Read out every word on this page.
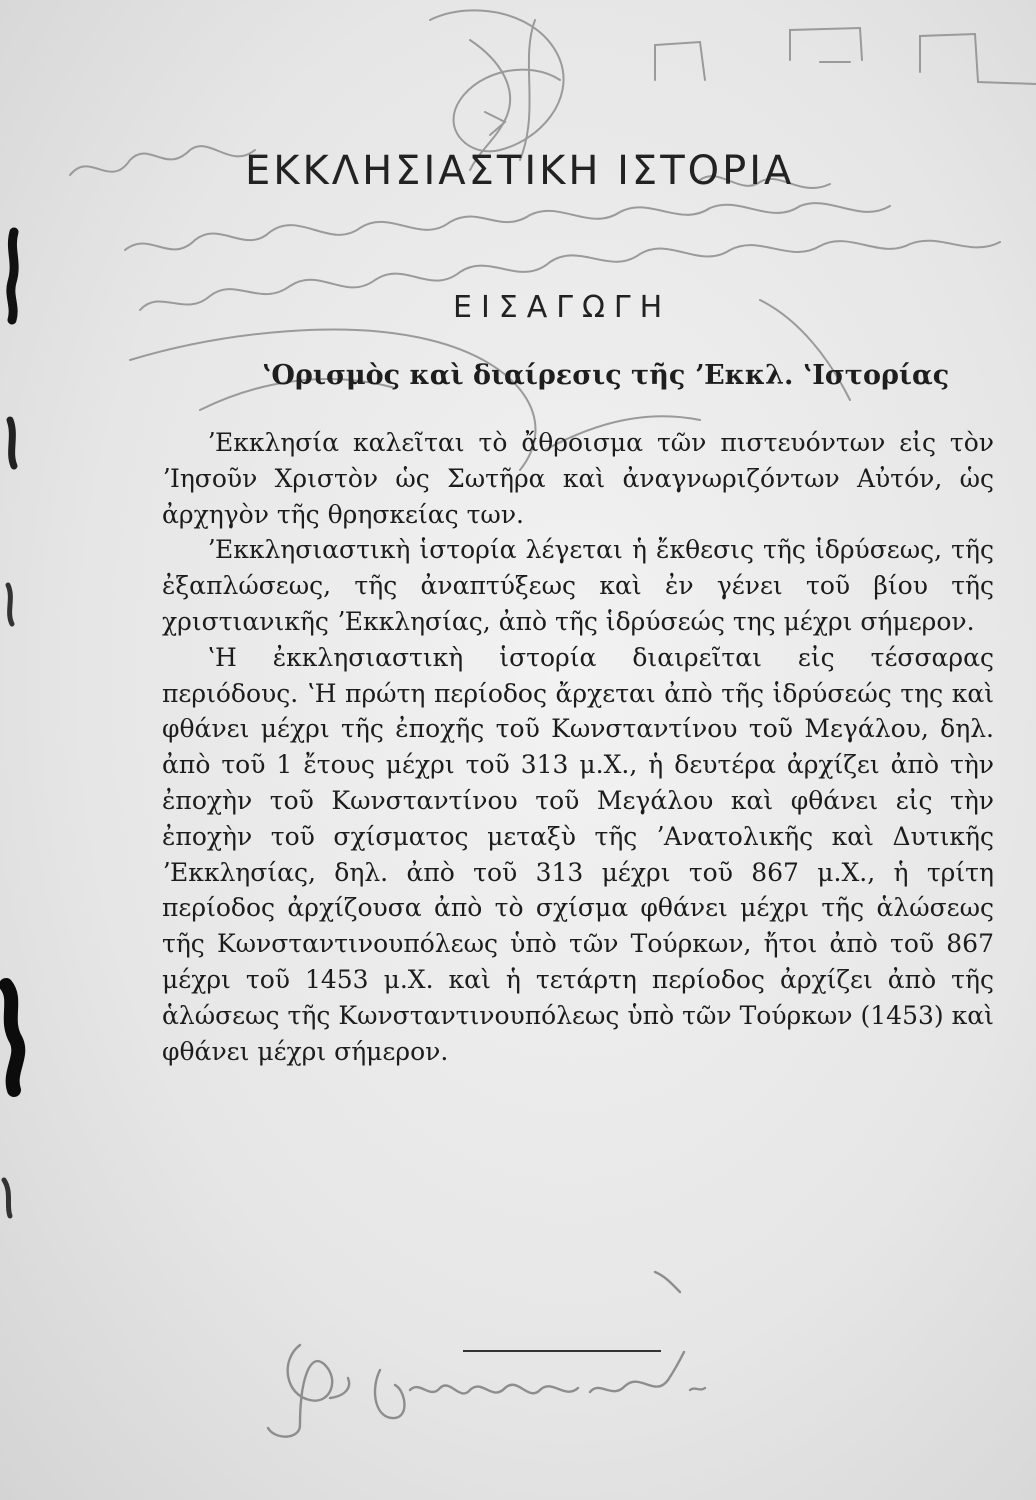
ΕΚΚΛΗΣΙΑΣΤΙΚΗ ΙΣΤΟΡΙΑ
ΕΙΣΑΓΩΓΗ
ʽΟρισμὸς καὶ διαίρεσις τῆς ʼΕκκλ. ʽΙστορίας

ʼΕκκλησία καλεῖται τὸ ἄθροισμα τῶν πιστευόντων εἰς τὸν ʼΙησοῦν Χριστὸν ὡς Σωτῆρα καὶ ἀναγνωριζόντων Αὐτόν, ὡς ἀρχηγὸν τῆς θρησκείας των.

ʼΕκκλησιαστικὴ ἱστορία λέγεται ἡ ἔκθεσις τῆς ἱδρύσεως, τῆς ἐξαπλώσεως, τῆς ἀναπτύξεως καὶ ἐν γένει τοῦ βίου τῆς χριστιανικῆς ʼΕκκλησίας, ἀπὸ τῆς ἱδρύσεώς της μέχρι σήμερον.

ʽΗ ἐκκλησιαστικὴ ἱστορία διαιρεῖται εἰς τέσσαρας περιόδους. ʽΗ πρώτη περίοδος ἄρχεται ἀπὸ τῆς ἱδρύσεώς της καὶ φθάνει μέχρι τῆς ἐποχῆς τοῦ Κωνσταντίνου τοῦ Μεγάλου, δηλ. ἀπὸ τοῦ 1 ἔτους μέχρι τοῦ 313 μ.Χ., ἡ δευτέρα ἀρχίζει ἀπὸ τὴν ἐποχὴν τοῦ Κωνσταντίνου τοῦ Μεγάλου καὶ φθάνει εἰς τὴν ἐποχὴν τοῦ σχίσματος μεταξὺ τῆς ʼΑνατολικῆς καὶ Δυτικῆς ʼΕκκλησίας, δηλ. ἀπὸ τοῦ 313 μέχρι τοῦ 867 μ.Χ., ἡ τρίτη περίοδος ἀρχίζουσα ἀπὸ τὸ σχίσμα φθάνει μέχρι τῆς ἁλώσεως τῆς Κωνσταντινουπόλεως ὑπὸ τῶν Τούρκων, ἤτοι ἀπὸ τοῦ 867 μέχρι τοῦ 1453 μ.Χ. καὶ ἡ τετάρτη περίοδος ἀρχίζει ἀπὸ τῆς ἁλώσεως τῆς Κωνσταντινουπόλεως ὑπὸ τῶν Τούρκων (1453) καὶ φθάνει μέχρι σήμερον.
